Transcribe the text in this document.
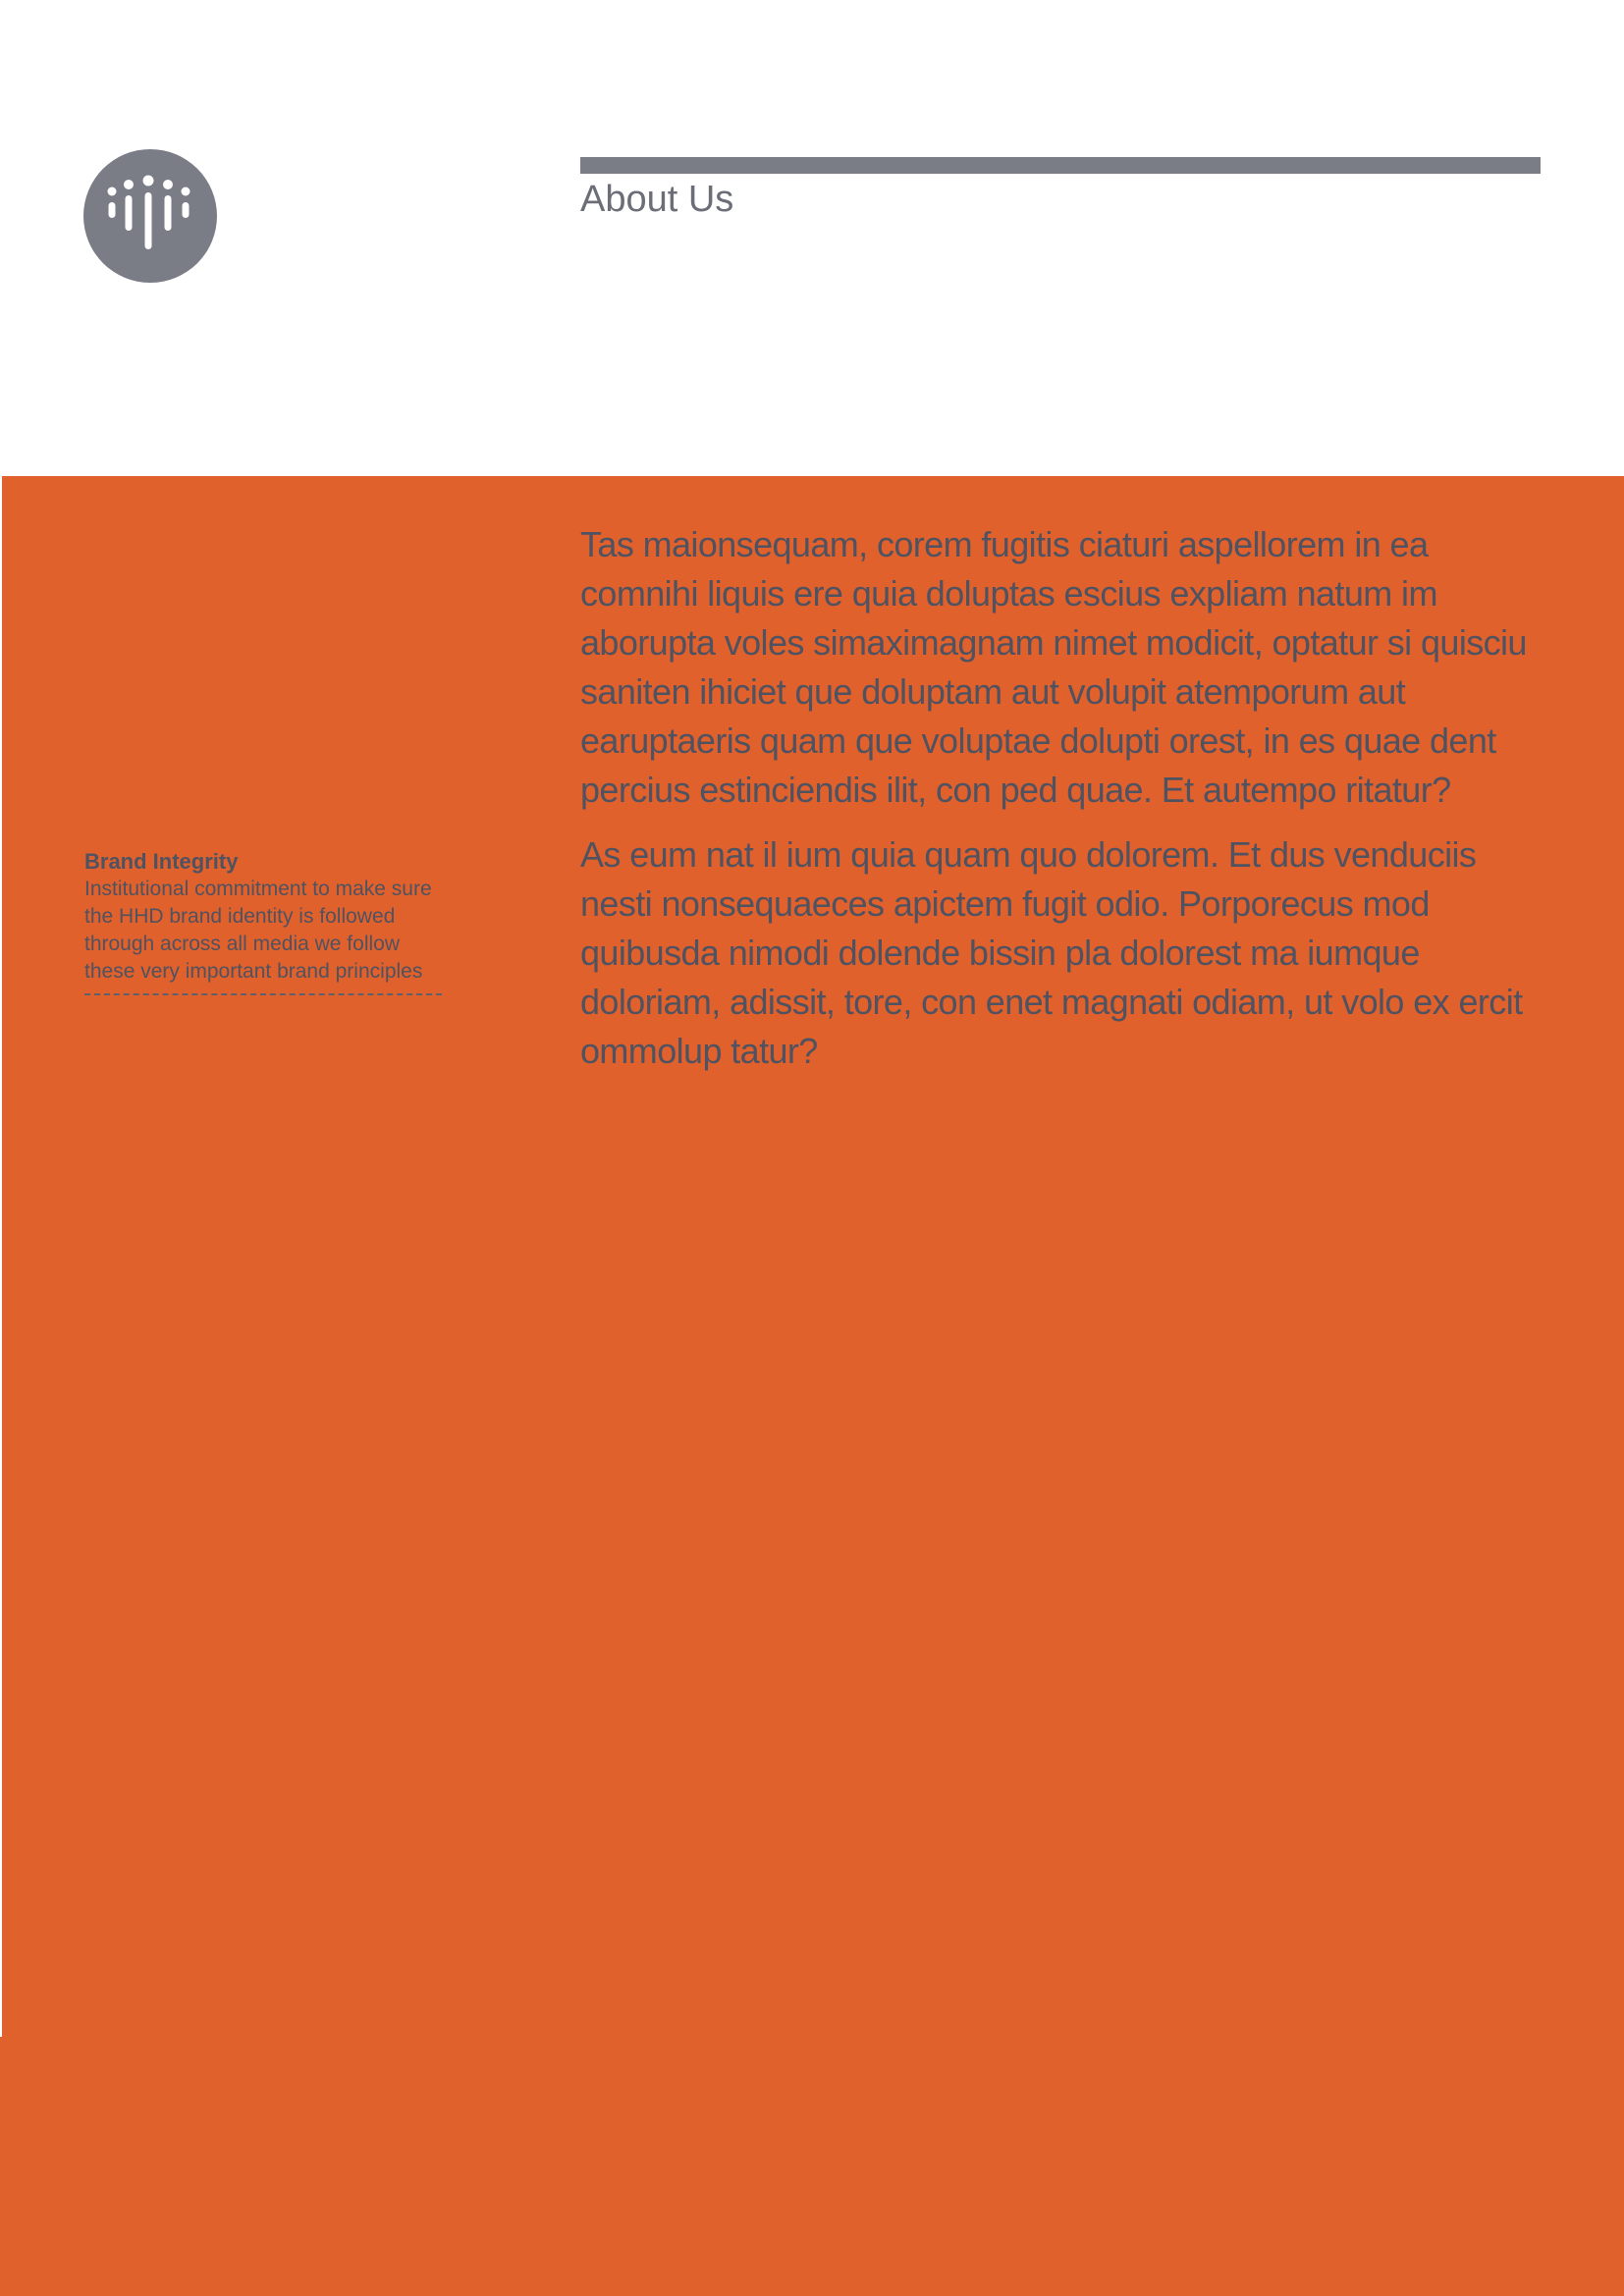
About Us

Brand Integrity

Institutional commitment to make sure the HHD brand identity is followed through across all media we follow these very important brand principles

Tas maionsequam, corem fugitis ciaturi aspellorem in ea comnihi liquis ere quia doluptas escius expliam natum im aborupta voles simaximagnam nimet modicit, optatur si quisciu saniten ihiciet que doluptam aut volupit atemporum aut earuptaeris quam que voluptae dolupti orest, in es quae dent percius estinciendis ilit, con ped quae. Et autempo ritatur?

As eum nat il ium quia quam quo dolorem. Et dus venduciis nesti nonsequaeces apictem fugit odio. Porporecus mod quibusda nimodi dolende bissin pla dolorest ma iumque doloriam, adissit, tore, con enet magnati odiam, ut volo ex ercit ommolup tatur?
